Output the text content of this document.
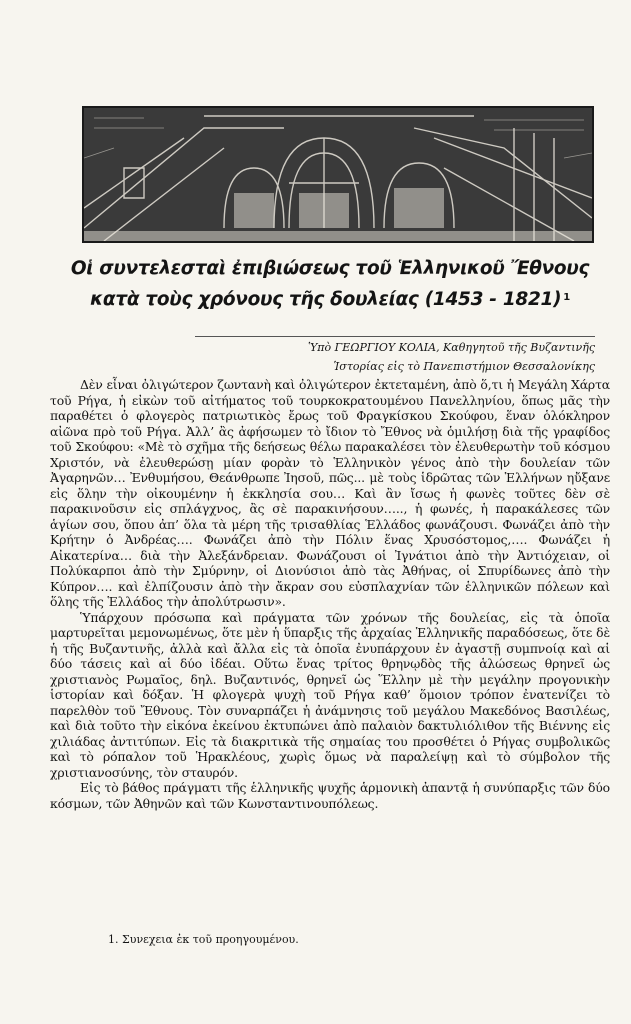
Οἱ συντελεσταὶ ἐπιβιώσεως τοῦ Ἑλληνικοῦ Ἔθνους
κατὰ τοὺς χρόνους τῆς δουλείας (1453 - 1821) $^1$

Ὑπὸ ΓΕΩΡΓΙΟΥ ΚΟΛΙΑ, Καθηγητοῦ τῆς Βυζαντινῆς

Ἱστορίας εἰς τὸ Πανεπιστήμιον Θεσσαλονίκης

Δὲν εἶναι ὀλιγώτερον ζωντανὴ καὶ ὀλιγώτερον ἐκτεταμένη, ἀπὸ ὅ,τι ἡ Μεγάλη Χάρτα τοῦ Ρήγα, ἡ εἰκὼν τοῦ αἰτήματος τοῦ τουρκοκρατουμένου Πανελληνίου, ὅπως μᾶς τὴν παραθέτει ὁ φλογερὸς πατριωτικὸς ἔρως τοῦ Φραγκίσκου Σκούφου, ἕναν ὁλόκληρον αἰῶνα πρὸ τοῦ Ρήγα. Ἀλλ’ ἂς ἀφήσωμεν τὸ ἴδιον τὸ Ἔθνος νὰ ὁμιλήσῃ διὰ τῆς γραφίδος τοῦ Σκούφου: «Μὲ τὸ σχῆμα τῆς δεήσεως θέλω παρακαλέσει τὸν ἐλευθερωτὴν τοῦ κόσμου Χριστόν, νὰ ἐλευθερώσῃ μίαν φορὰν τὸ Ἑλληνικὸν γένος ἀπὸ τὴν δουλείαν τῶν Ἀγαρηνῶν… Ἐνθυμήσου, Θεάνθρωπε Ἰησοῦ, πῶς... μὲ τοὺς ἱδρῶτας τῶν Ἑλλήνων ηὔξανε εἰς ὅλην τὴν οἰκουμένην ἡ ἐκκλησία σου… Καὶ ἂν ἴσως ἡ φωνὲς τοῦτες δὲν σὲ παρακινοῦσιν εἰς σπλάγχνος, ἂς σὲ παρακινήσουν….., ἡ φωνές, ἡ παρακάλεσες τῶν ἁγίων σου, ὅπου ἀπ’ ὅλα τὰ μέρη τῆς τρισαθλίας Ἑλλάδος φωνάζουσι. Φωνάζει ἀπὸ τὴν Κρήτην ὁ Ἀνδρέας…. Φωνάζει ἀπὸ τὴν Πόλιν ἕνας Χρυσόστομος,…. Φωνάζει ἡ Αἰκατερίνα… διὰ τὴν Ἀλεξάνδρειαν. Φωνάζουσι οἱ Ἰγνάτιοι ἀπὸ τὴν Ἀντιόχειαν, οἱ Πολύκαρποι ἀπὸ τὴν Σμύρνην, οἱ Διονύσιοι ἀπὸ τὰς Ἀθήνας, οἱ Σπυρίδωνες ἀπὸ τὴν Κύπρον…. καὶ ἐλπίζουσιν ἀπὸ τὴν ἄκραν σου εὐσπλαχνίαν τῶν ἑλληνικῶν πόλεων καὶ ὅλης τῆς Ἑλλάδος τὴν ἀπολύτρωσιν».

Ὑπάρχουν πρόσωπα καὶ πράγματα τῶν χρόνων τῆς δουλείας, εἰς τὰ ὁποῖα μαρτυρεῖται μεμονωμένως, ὅτε μὲν ἡ ὕπαρξις τῆς ἀρχαίας Ἑλληνικῆς παραδόσεως, ὅτε δὲ ἡ τῆς Βυζαντινῆς, ἀλλὰ καὶ ἄλλα εἰς τὰ ὁποῖα ἐνυπάρχουν ἐν ἀγαστῇ συμπνοίᾳ καὶ αἱ δύο τάσεις καὶ αἱ δύο ἰδέαι. Οὕτω ἕνας τρίτος θρηνῳδὸς τῆς ἁλώσεως θρηνεῖ ὡς χριστιανὸς Ρωμαῖος, δηλ. Βυζαντινός, θρηνεῖ ὡς Ἕλλην μὲ τὴν μεγάλην προγονικὴν ἱστορίαν καὶ δόξαν. Ἡ φλογερὰ ψυχὴ τοῦ Ρήγα καθ’ ὅμοιον τρόπον ἐνατενίζει τὸ παρελθὸν τοῦ Ἔθνους. Τὸν συναρπάζει ἡ ἀνάμνησις τοῦ μεγάλου Μακεδόνος Βασιλέως, καὶ διὰ τοῦτο τὴν εἰκόνα ἐκείνου ἐκτυπώνει ἀπὸ παλαιὸν δακτυλιόλιθον τῆς Βιέννης εἰς χιλιάδας ἀντιτύπων. Εἰς τὰ διακριτικὰ τῆς σημαίας του προσθέτει ὁ Ρήγας συμβολικῶς καὶ τὸ ρόπαλον τοῦ Ἡρακλέους, χωρὶς ὅμως νὰ παραλείψῃ καὶ τὸ σύμβολον τῆς χριστιανοσύνης, τὸν σταυρόν.

Εἰς τὸ βάθος πράγματι τῆς ἑλληνικῆς ψυχῆς ἁρμονικὴ ἀπαντᾷ ἡ συνύπαρξις τῶν δύο κόσμων, τῶν Ἀθηνῶν καὶ τῶν Κωνσταντινουπόλεως.

1. Συνεχεια ἐκ τοῦ προηγουμένου.
